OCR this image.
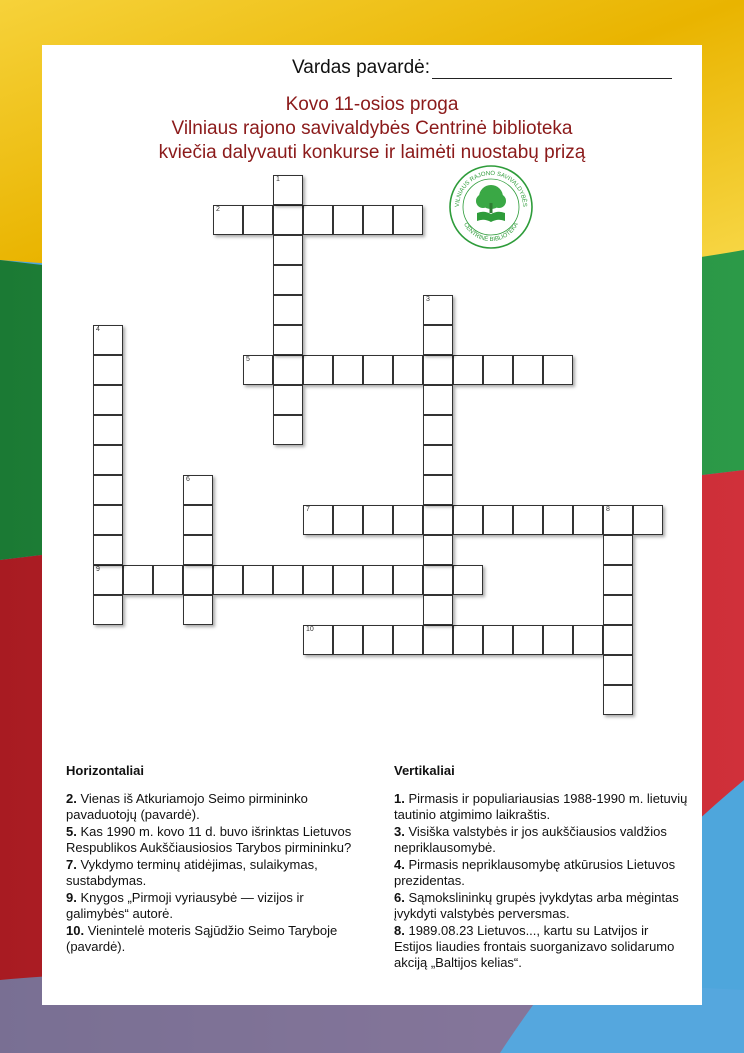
Vardas pavardė:
Kovo 11-osios proga
Vilniaus rajono savivaldybės Centrinė biblioteka
kviečia dalyvauti konkurse ir laimėti nuostabų prizą
VILNIAUS RAJONO SAVIVALDYBĖS
CENTRINĖ BIBLIOTEKA
2
5
7	8
9
10
1
3
4
6
Horizontaliai
2. Vienas iš Atkuriamojo Seimo pirmininko pavaduotojų (pavardė).
5. Kas 1990 m. kovo 11 d. buvo išrinktas Lietuvos Respublikos Aukščiausiosios Tarybos pirmininku?
7. Vykdymo terminų atidėjimas, sulaikymas, sustabdymas.
9. Knygos „Pirmoji vyriausybė — vizijos ir galimybės“ autorė.
10. Vienintelė moteris Sąjūdžio Seimo Taryboje (pavardė).
Vertikaliai
1. Pirmasis ir populiariausias 1988-1990 m. lietuvių tautinio atgimimo laikraštis.
3. Visiška valstybės ir jos aukščiausios valdžios nepriklausomybė.
4. Pirmasis nepriklausomybę atkūrusios Lietuvos prezidentas.
6. Sąmokslininkų grupės įvykdytas arba mėgintas įvykdyti valstybės perversmas.
8. 1989.08.23 Lietuvos..., kartu su Latvijos ir Estijos liaudies frontais suorganizavo solidarumo akciją „Baltijos kelias“.
